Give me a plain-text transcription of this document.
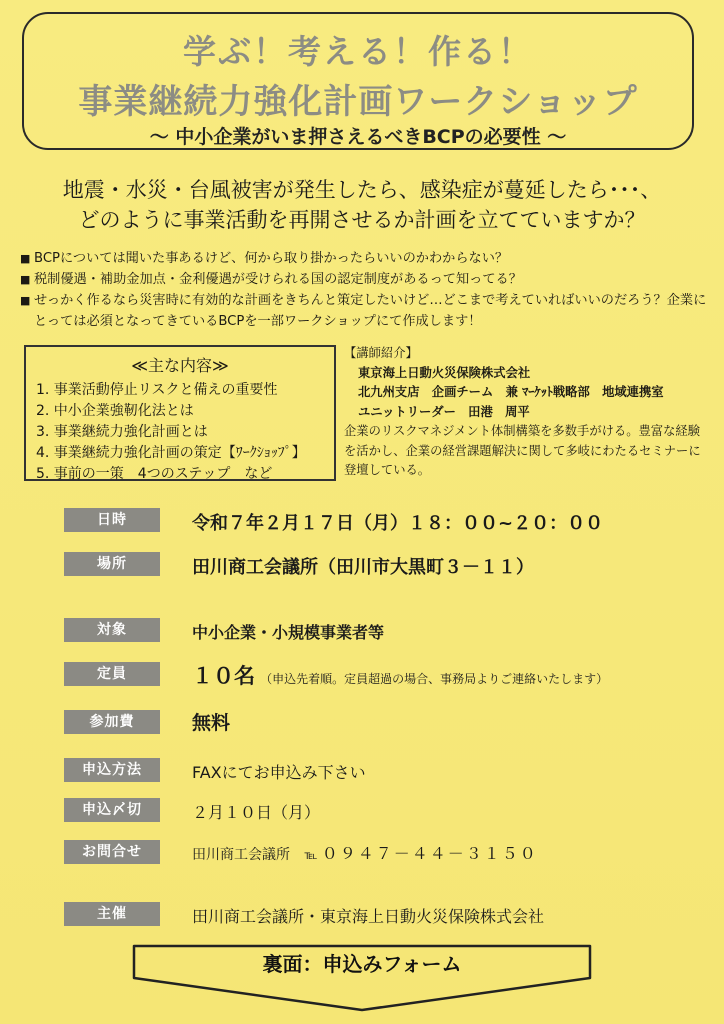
学ぶ！考える！作る！
事業継続力強化計画ワークショップ
～ 中小企業がいま押さえるべきBCPの必要性 ～
地震・水災・台風被害が発生したら、感染症が蔓延したら･･･、
どのように事業活動を再開させるか計画を立てていますか？
■ BCPについては聞いた事あるけど、何から取り掛かったらいいのかわからない？
■ 税制優遇・補助金加点・金利優遇が受けられる国の認定制度があるって知ってる？
■ せっかく作るなら災害時に有効的な計画をきちんと策定したいけど…どこまで考えていればいいのだろう？企業にとっては必須となってきているBCPを一部ワークショップにて作成します！
≪主な内容≫
1. 事業活動停止リスクと備えの重要性
2. 中小企業強靭化法とは
3. 事業継続力強化計画とは
4. 事業継続力強化計画の策定【ﾜｰｸｼｮｯﾌﾟ】
5. 事前の一策　4つのステップ　など
【講師紹介】
東京海上日動火災保険株式会社
北九州支店　企画チーム　兼 ﾏｰｹｯﾄ戦略部　地域連携室
ユニットリーダー　田港　周平
企業のリスクマネジメント体制構築を多数手がける。豊富な経験を活かし、企業の経営課題解決に関して多岐にわたるセミナーに登壇している。
日時	令和７年２月１７日（月）１８：００~２０：００
場所	田川商工会議所（田川市大黒町３－１１）
対象	中小企業・小規模事業者等
定員	１０名 （申込先着順。定員超過の場合、事務局よりご連絡いたします）
参加費	無料
申込方法	FAXにてお申込み下さい
申込〆切	２月１０日（月）
お問合せ	田川商工会議所 ℡ ０９４７－４４－３１５０
主催	田川商工会議所・東京海上日動火災保険株式会社
裏面：申込みフォーム
